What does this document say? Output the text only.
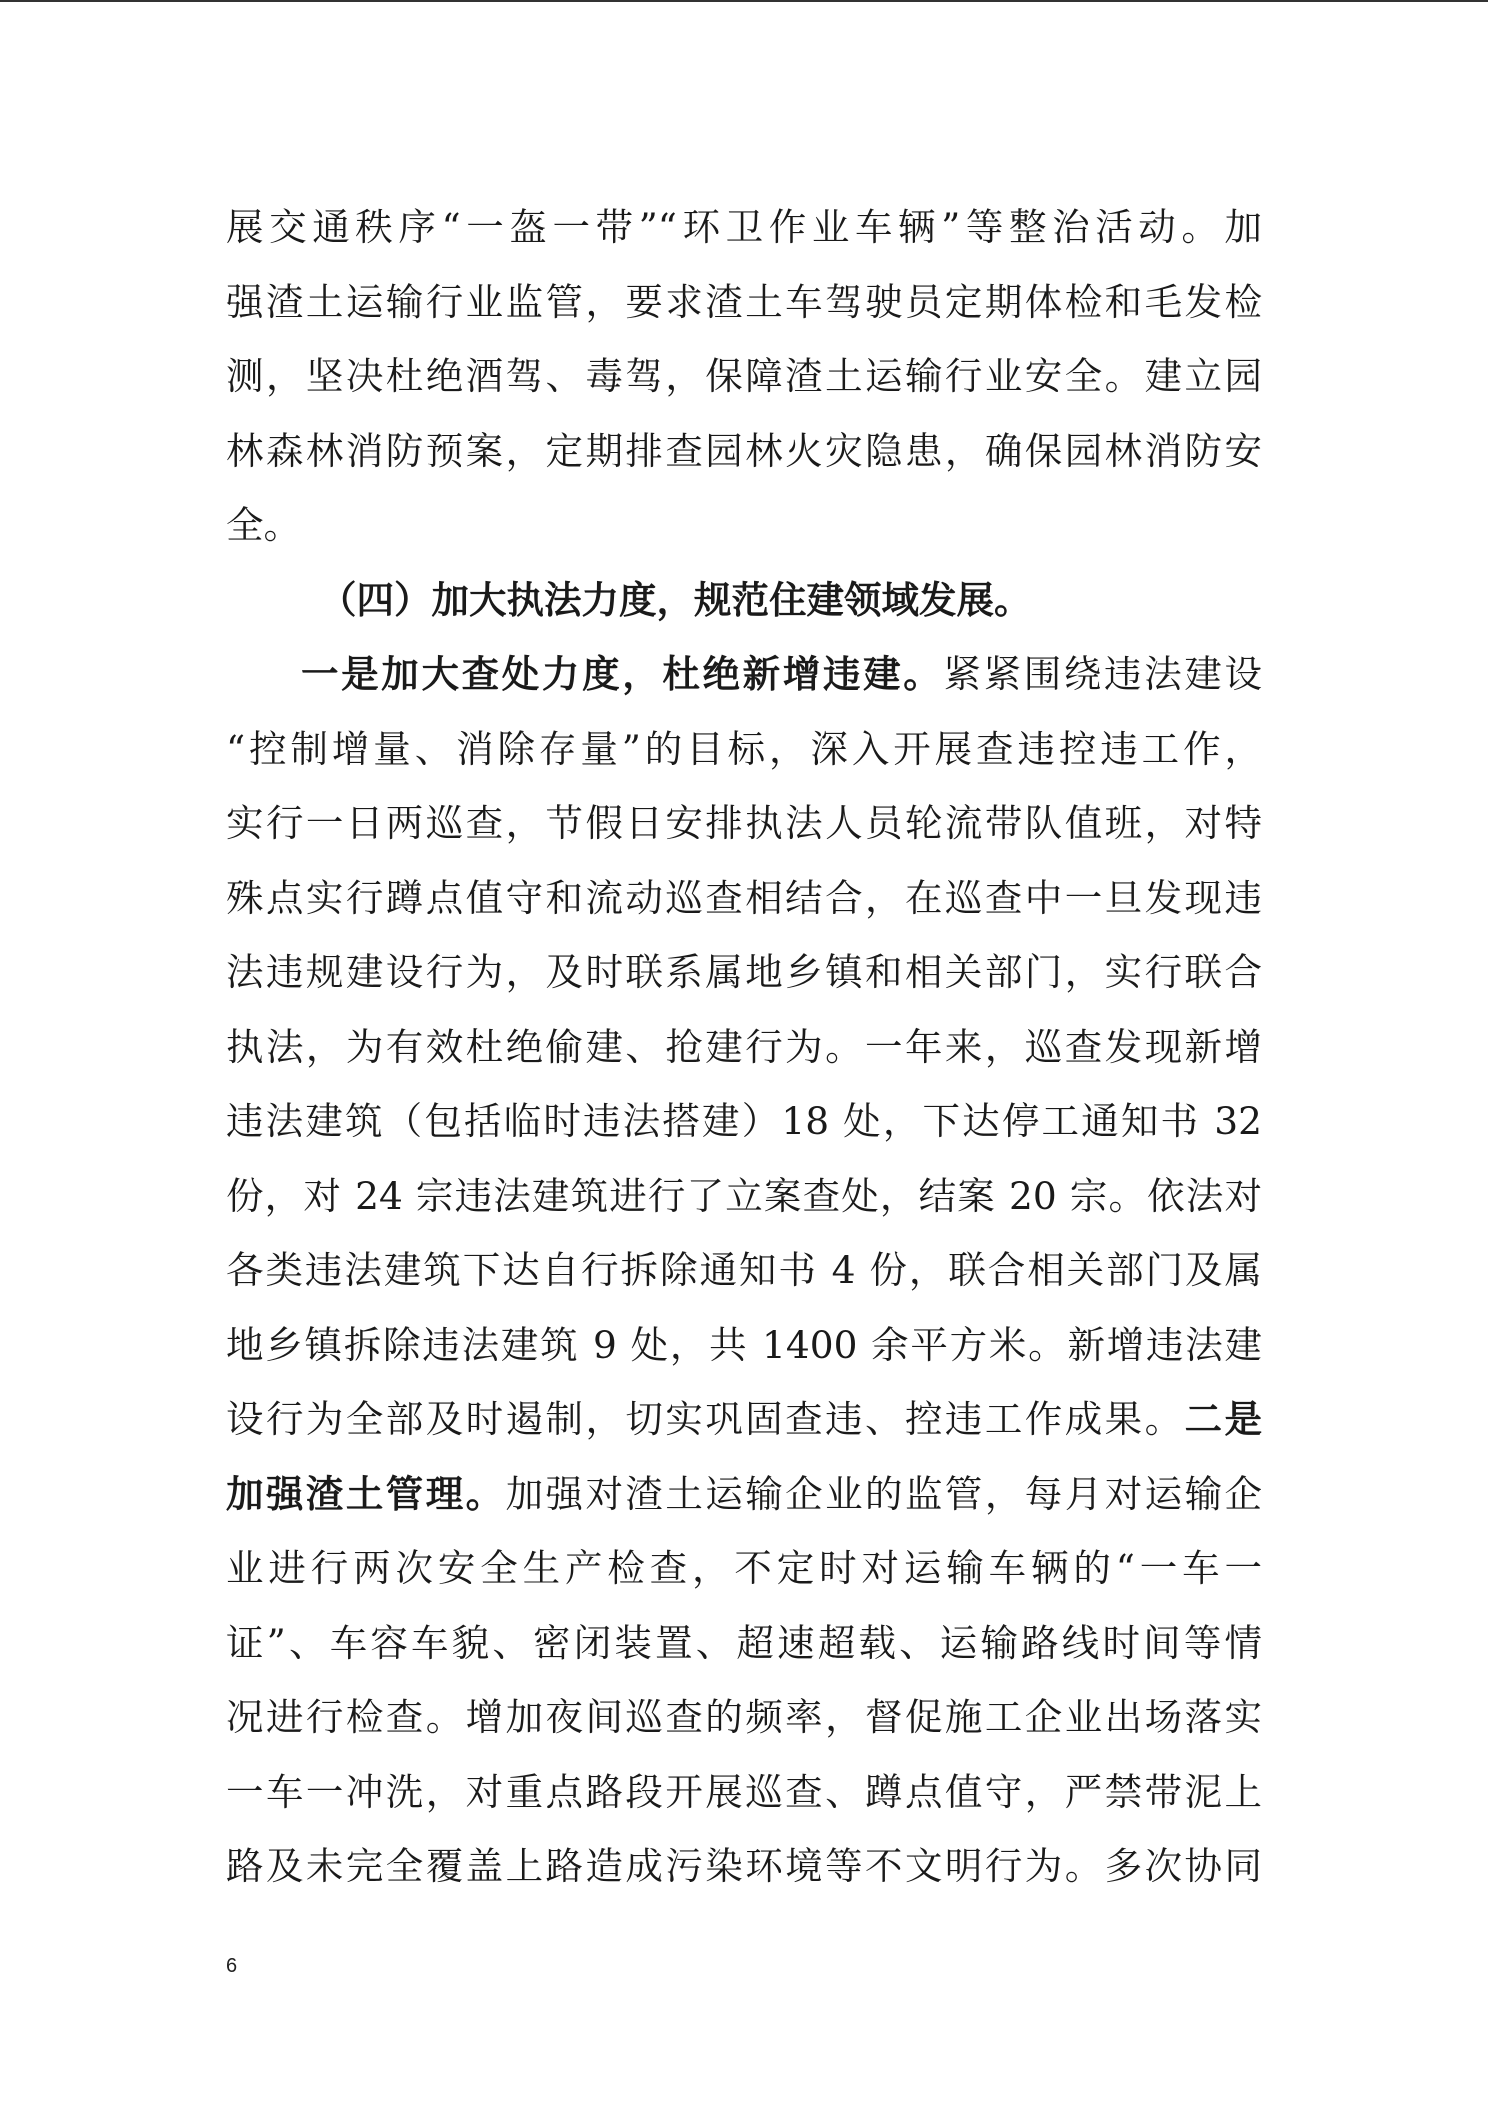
展交通秩序“一盔一带”“环卫作业车辆”等整治活动。加
强渣土运输行业监管，要求渣土车驾驶员定期体检和毛发检
测，坚决杜绝酒驾、毒驾，保障渣土运输行业安全。建立园
林森林消防预案，定期排查园林火灾隐患，确保园林消防安
全。
（四）加大执法力度，规范住建领域发展。
一是加大查处力度，杜绝新增违建。紧紧围绕违法建设
“控制增量、消除存量”的目标，深入开展查违控违工作，
实行一日两巡查，节假日安排执法人员轮流带队值班，对特
殊点实行蹲点值守和流动巡查相结合，在巡查中一旦发现违
法违规建设行为，及时联系属地乡镇和相关部门，实行联合
执法，为有效杜绝偷建、抢建行为。一年来，巡查发现新增
违法建筑（包括临时违法搭建）18 处，下达停工通知书 32
份，对 24 宗违法建筑进行了立案查处，结案 20 宗。依法对
各类违法建筑下达自行拆除通知书 4 份，联合相关部门及属
地乡镇拆除违法建筑 9 处，共 1400 余平方米。新增违法建
设行为全部及时遏制，切实巩固查违、控违工作成果。二是
加强渣土管理。加强对渣土运输企业的监管，每月对运输企
业进行两次安全生产检查，不定时对运输车辆的“一车一
证”、车容车貌、密闭装置、超速超载、运输路线时间等情
况进行检查。增加夜间巡查的频率，督促施工企业出场落实
一车一冲洗，对重点路段开展巡查、蹲点值守，严禁带泥上
路及未完全覆盖上路造成污染环境等不文明行为。多次协同
6
